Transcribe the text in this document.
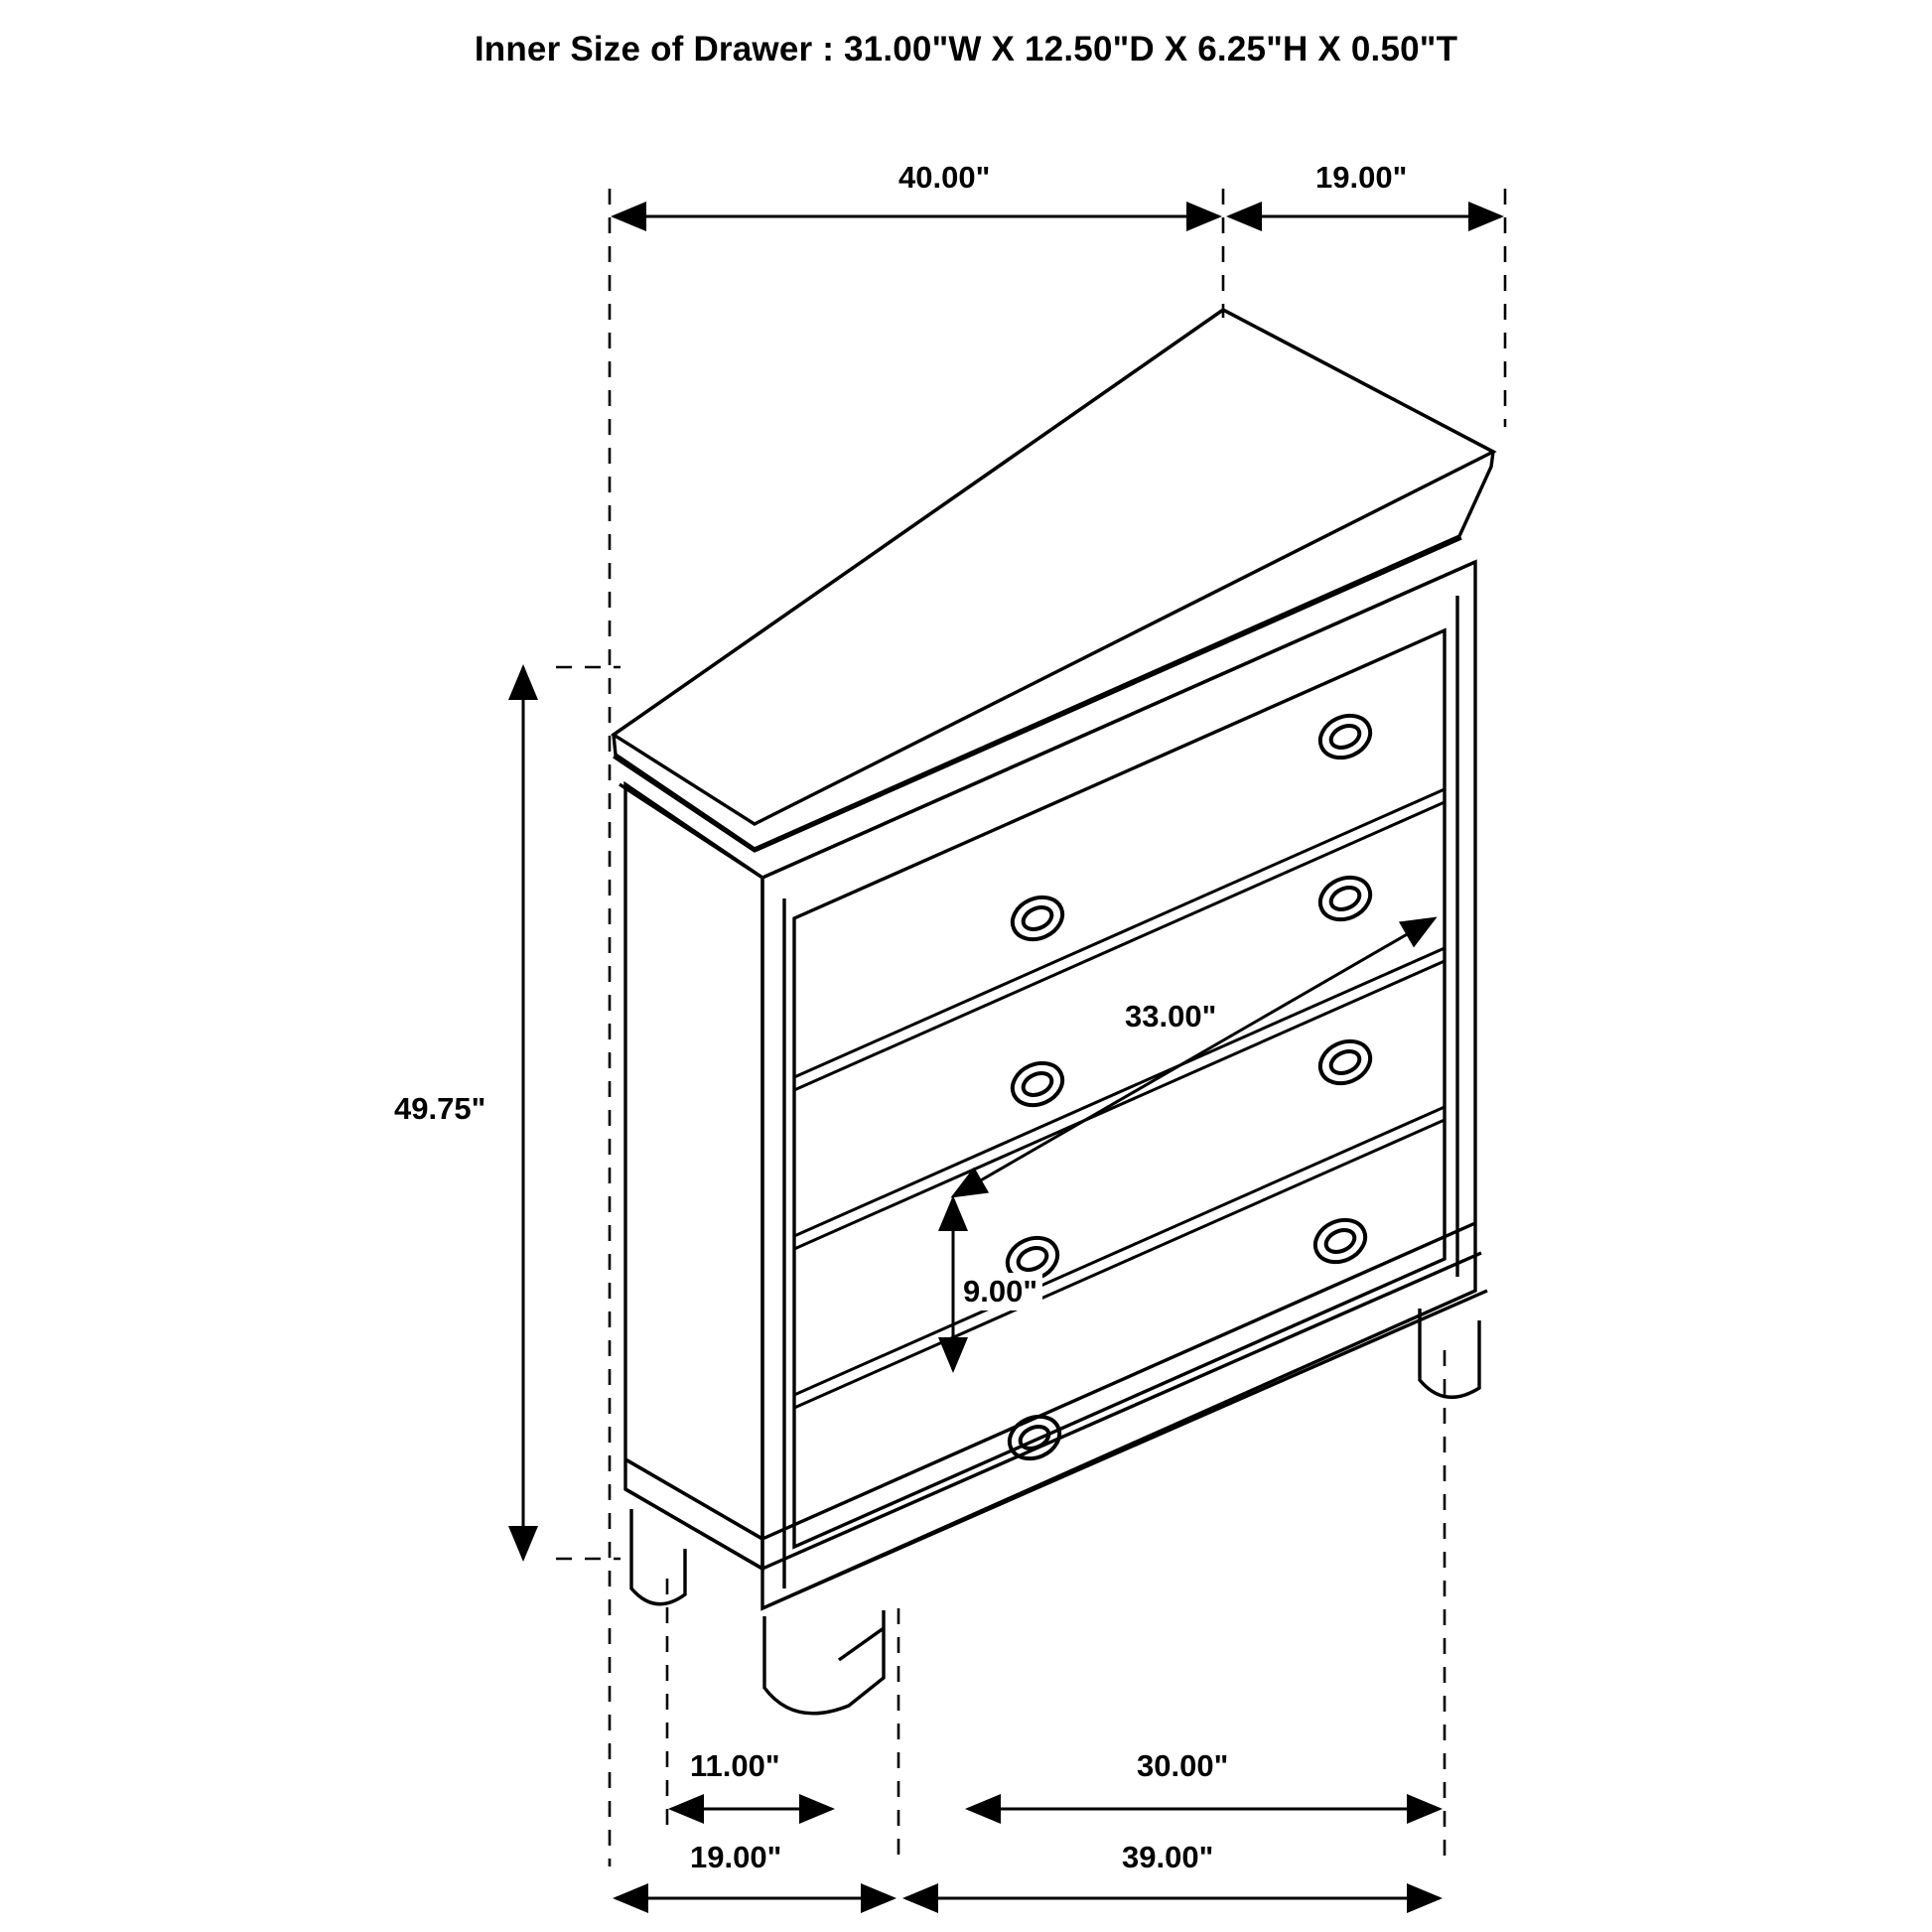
Inner Size of Drawer : 31.00"W X 12.50"D X 6.25"H X 0.50"T
40.00"	19.00"
49.75"
33.00"
9.00"
11.00"	30.00"
19.00"	39.00"
